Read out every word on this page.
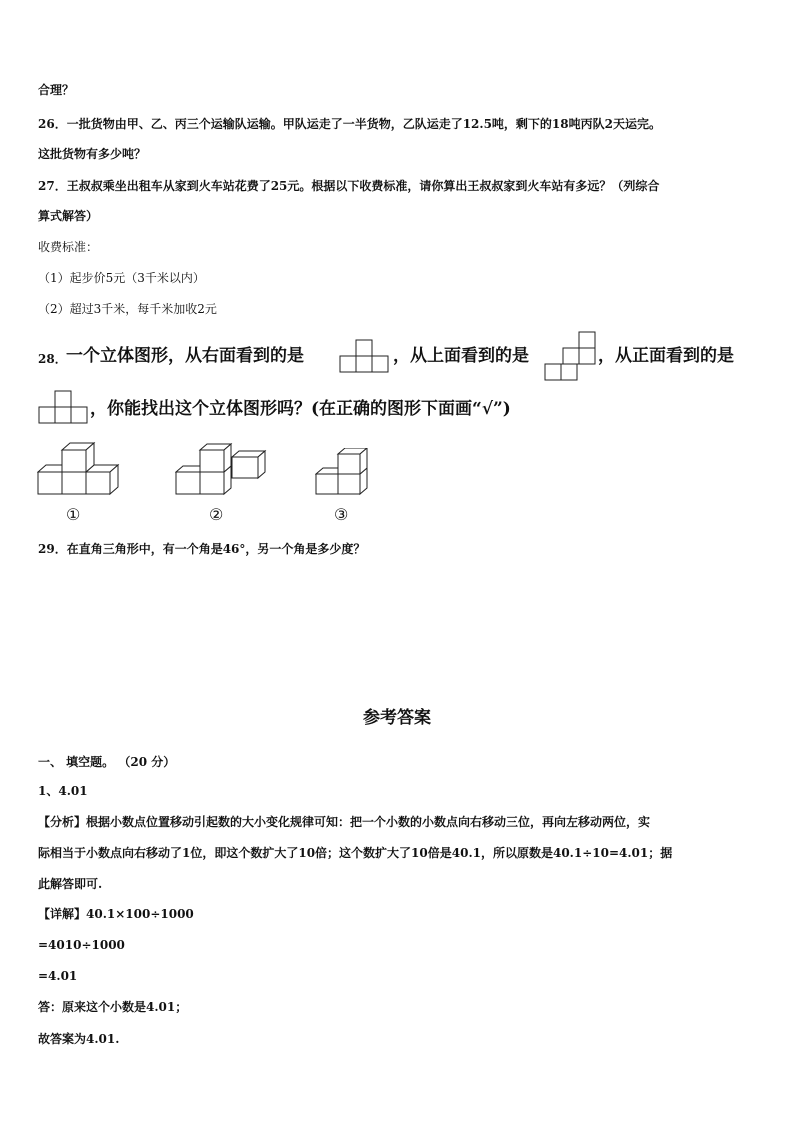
合理？
26．一批货物由甲、乙、丙三个运输队运输。甲队运走了一半货物，乙队运走了12.5吨，剩下的18吨丙队2天运完。
这批货物有多少吨？
27．王叔叔乘坐出租车从家到火车站花费了25元。根据以下收费标准，请你算出王叔叔家到火车站有多远？（列综合
算式解答）
收费标准：
（1）起步价5元（3千米以内）
（2）超过3千米，每千米加收2元
28． 一个立体图形，从右面看到的是	，从上面看到的是	，从正面看到的是
，你能找出这个立体图形吗？(在正确的图形下面画“√”)
①	②	③
29．在直角三角形中，有一个角是46°，另一个角是多少度？
参考答案
一、 填空题。 （20 分）
1、4.01
【分析】根据小数点位置移动引起数的大小变化规律可知：把一个小数的小数点向右移动三位，再向左移动两位，实
际相当于小数点向右移动了1位，即这个数扩大了10倍；这个数扩大了10倍是40.1，所以原数是40.1÷10=4.01；据
此解答即可.
【详解】40.1×100÷1000
=4010÷1000
=4.01
答：原来这个小数是4.01；
故答案为4.01.
